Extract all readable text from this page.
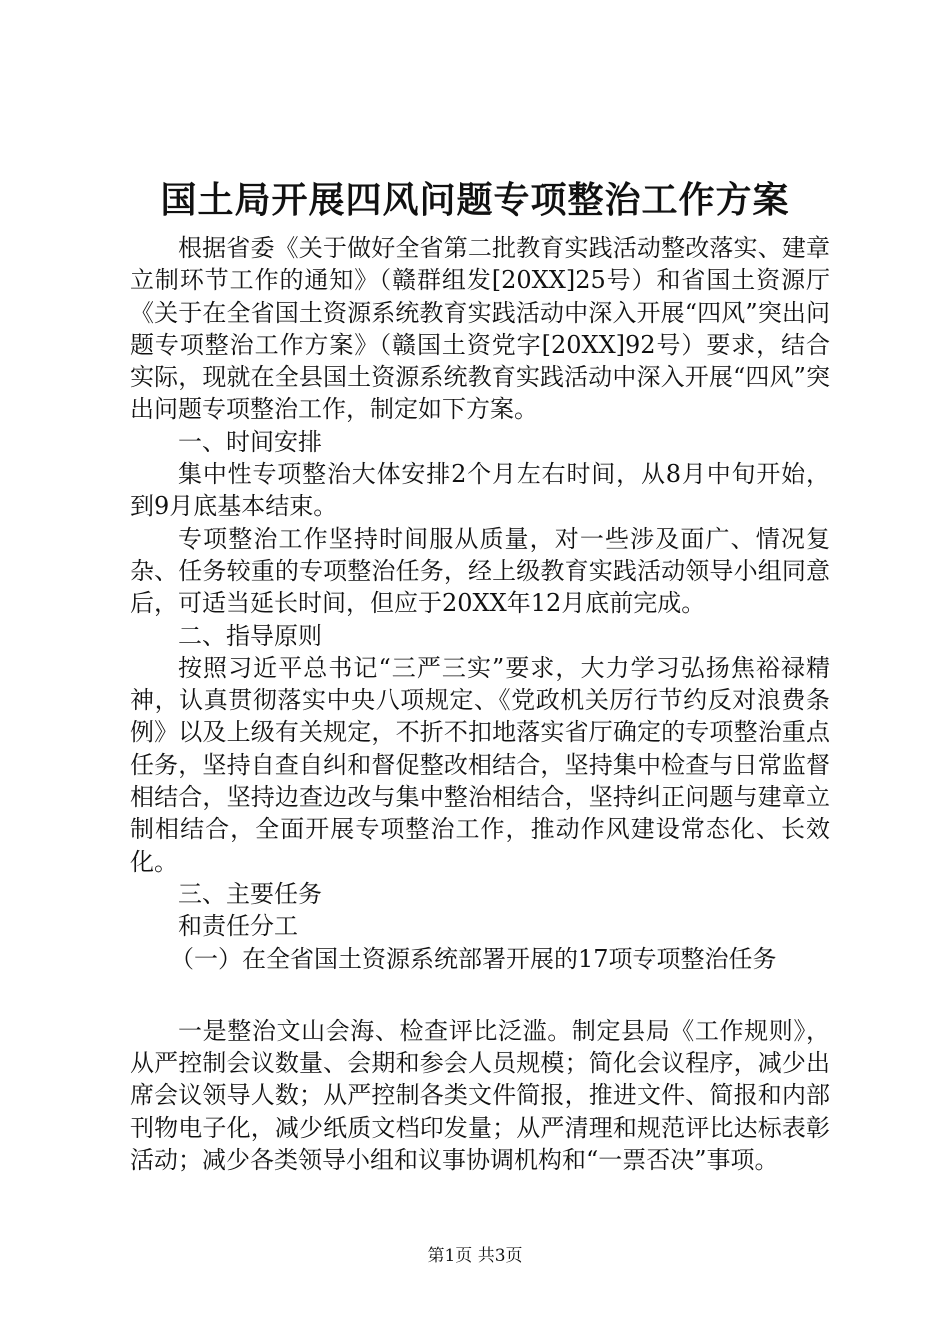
国土局开展四风问题专项整治工作方案

根据省委《关于做好全省第二批教育实践活动整改落实、建章立制环节工作的通知》（赣群组发[20XX]25号）和省国土资源厅《关于在全省国土资源系统教育实践活动中深入开展“四风”突出问题专项整治工作方案》（赣国土资党字[20XX]92号）要求，结合实际，现就在全县国土资源系统教育实践活动中深入开展“四风”突出问题专项整治工作，制定如下方案。

一、时间安排

集中性专项整治大体安排2个月左右时间，从8月中旬开始，到9月底基本结束。

专项整治工作坚持时间服从质量，对一些涉及面广、情况复杂、任务较重的专项整治任务，经上级教育实践活动领导小组同意后，可适当延长时间，但应于20XX年12月底前完成。

二、指导原则

按照习近平总书记“三严三实”要求，大力学习弘扬焦裕禄精神，认真贯彻落实中央八项规定、《党政机关厉行节约反对浪费条例》以及上级有关规定，不折不扣地落实省厅确定的专项整治重点任务，坚持自查自纠和督促整改相结合，坚持集中检查与日常监督相结合，坚持边查边改与集中整治相结合，坚持纠正问题与建章立制相结合，全面开展专项整治工作，推动作风建设常态化、长效化。

三、主要任务

和责任分工

（一）在全省国土资源系统部署开展的17项专项整治任务

一是整治文山会海、检查评比泛滥。制定县局《工作规则》，从严控制会议数量、会期和参会人员规模；简化会议程序，减少出席会议领导人数；从严控制各类文件简报，推进文件、简报和内部刊物电子化，减少纸质文档印发量；从严清理和规范评比达标表彰活动；减少各类领导小组和议事协调机构和“一票否决”事项。

第1页 共3页
